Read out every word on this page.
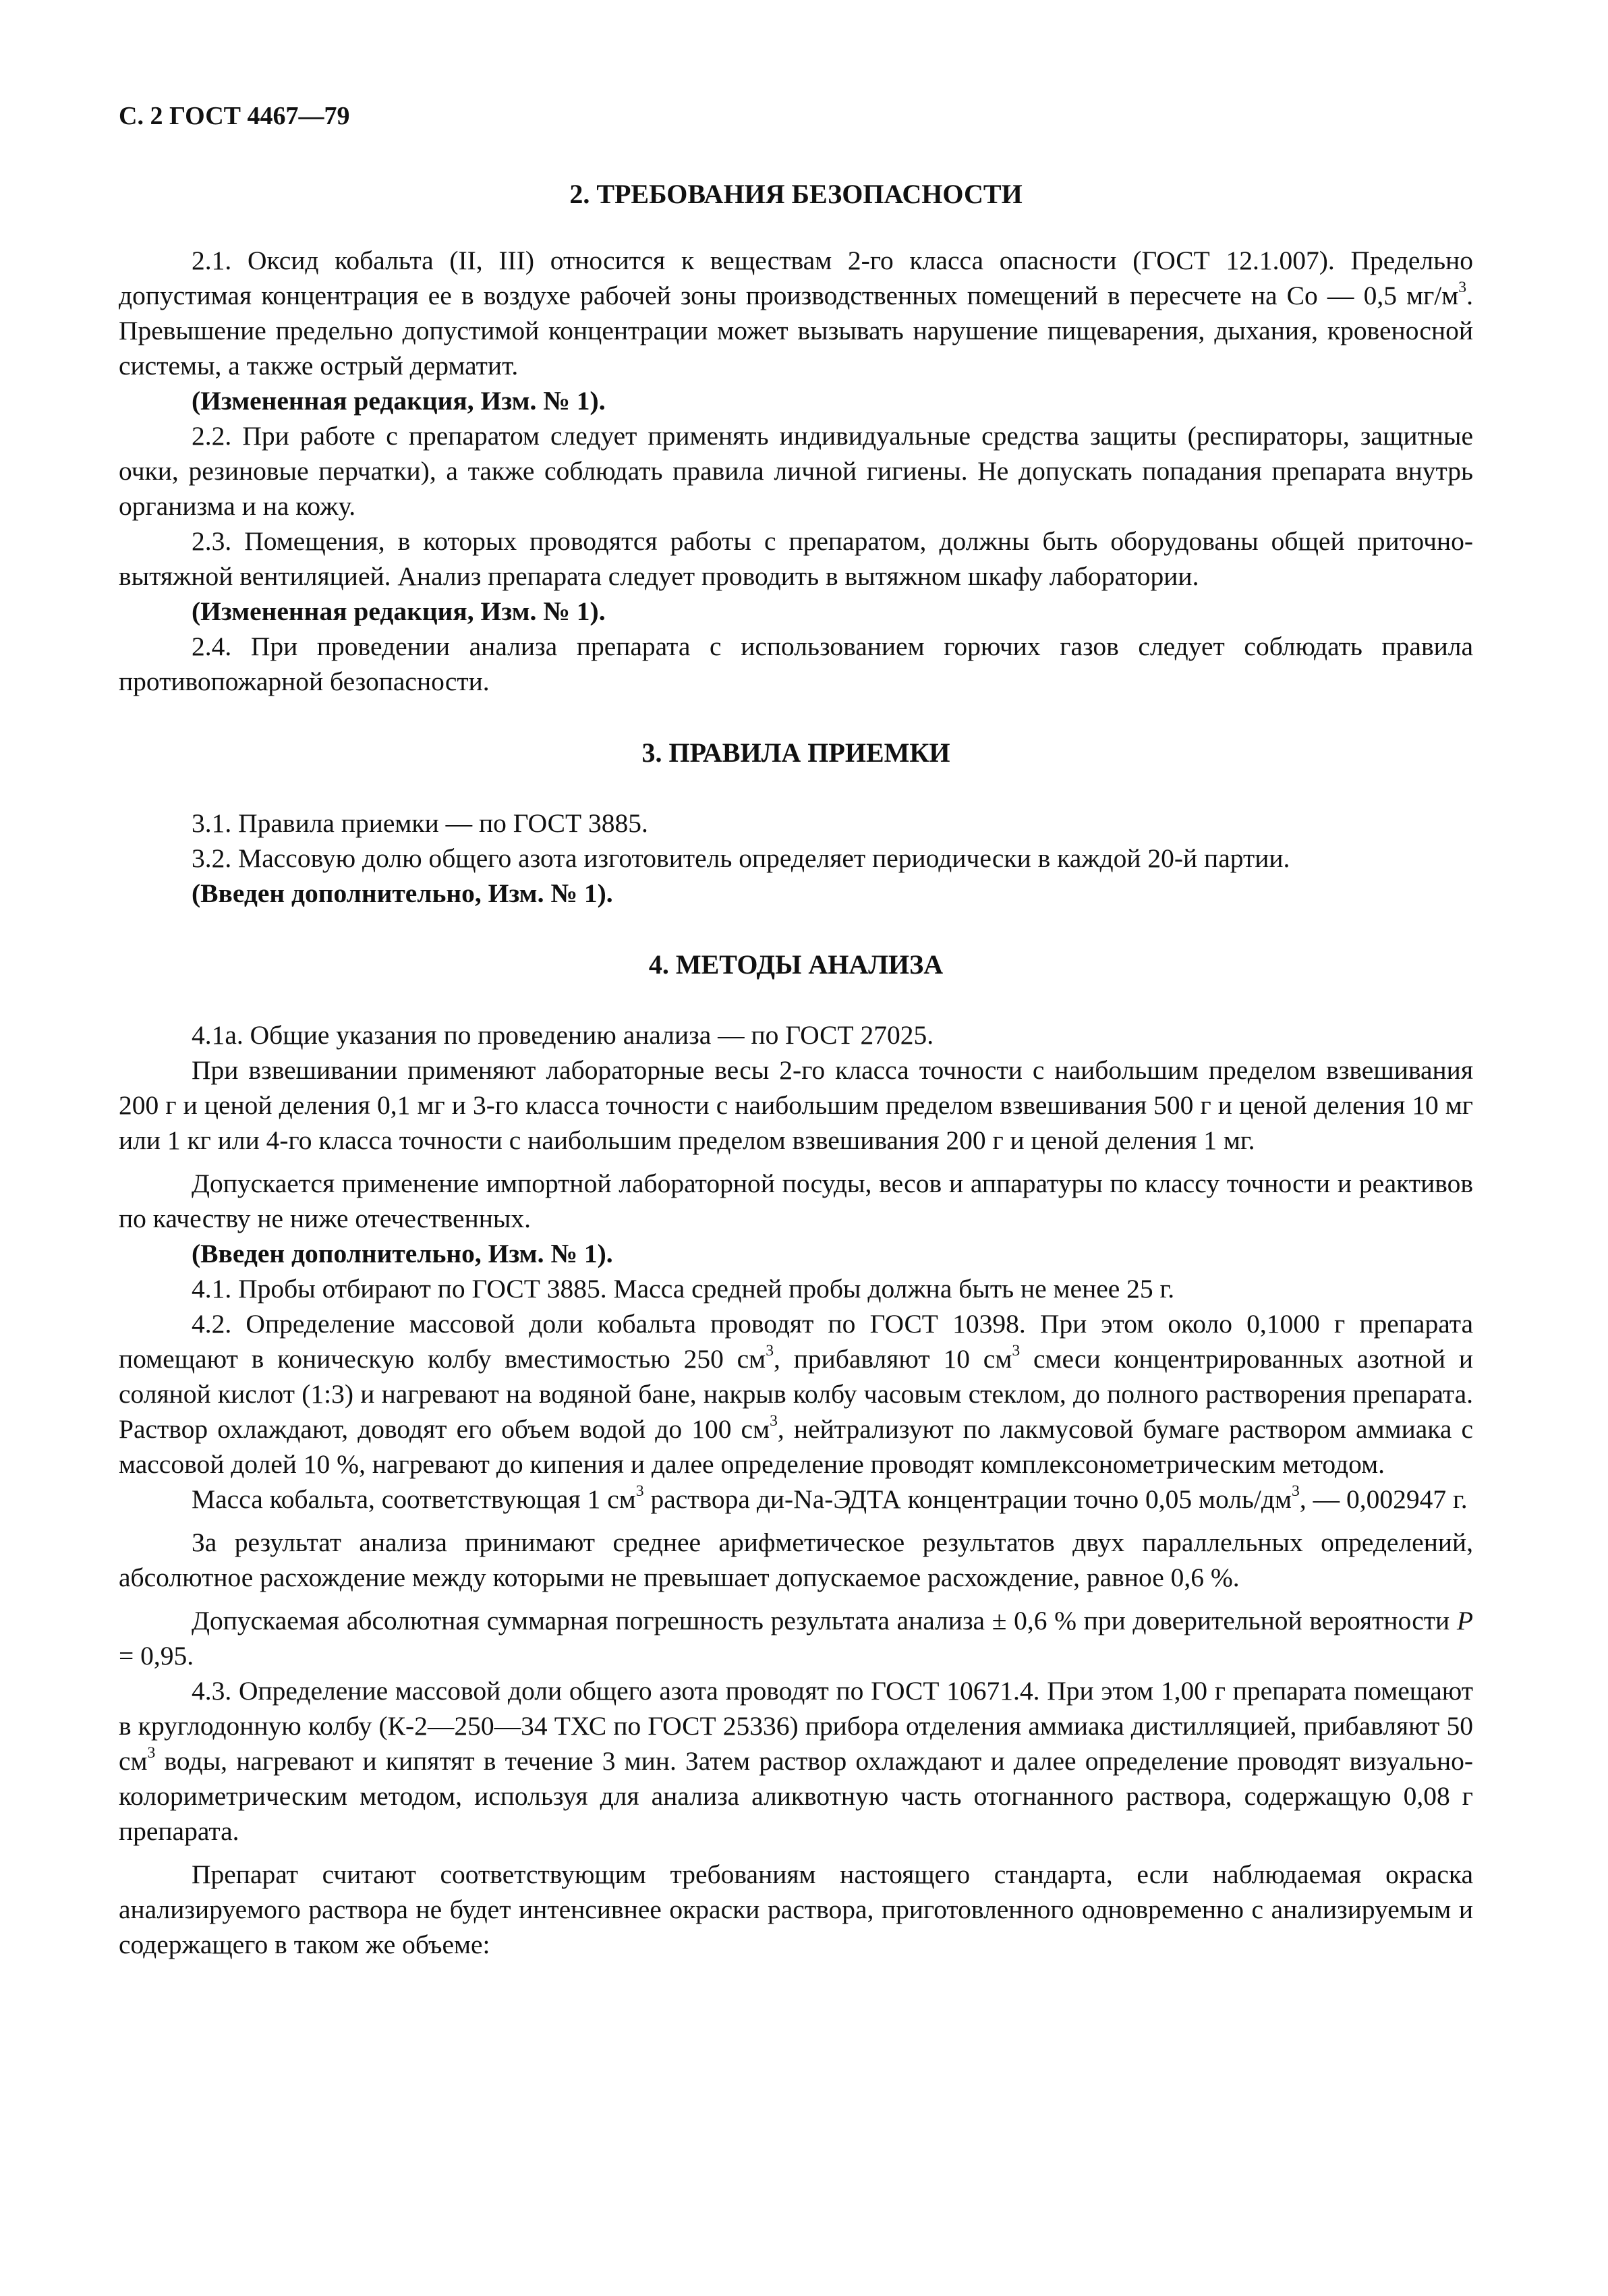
С. 2 ГОСТ 4467—79
2. ТРЕБОВАНИЯ БЕЗОПАСНОСТИ

2.1. Оксид кобальта (II, III) относится к веществам 2-го класса опасности (ГОСТ 12.1.007). Предельно допустимая концентрация ее в воздухе рабочей зоны производственных помещений в пересчете на Co — 0,5 $мг/м^3$. Превышение предельно допустимой концентрации может вызывать нарушение пищеварения, дыхания, кровеносной системы, а также острый дерматит.

(Измененная редакция, Изм. № 1).

2.2. При работе с препаратом следует применять индивидуальные средства защиты (респираторы, защитные очки, резиновые перчатки), а также соблюдать правила личной гигиены. Не допускать попадания препарата внутрь организма и на кожу.

2.3. Помещения, в которых проводятся работы с препаратом, должны быть оборудованы общей приточно-вытяжной вентиляцией. Анализ препарата следует проводить в вытяжном шкафу лаборатории.

(Измененная редакция, Изм. № 1).

2.4. При проведении анализа препарата с использованием горючих газов следует соблюдать правила противопожарной безопасности.

3. ПРАВИЛА ПРИЕМКИ

3.1. Правила приемки — по ГОСТ 3885.

3.2. Массовую долю общего азота изготовитель определяет периодически в каждой 20-й партии.

(Введен дополнительно, Изм. № 1).

4. МЕТОДЫ АНАЛИЗА

4.1а. Общие указания по проведению анализа — по ГОСТ 27025.

При взвешивании применяют лабораторные весы 2-го класса точности с наибольшим пределом взвешивания 200 г и ценой деления 0,1 мг и 3-го класса точности с наибольшим пределом взвешивания 500 г и ценой деления 10 мг или 1 кг или 4-го класса точности с наибольшим пределом взвешивания 200 г и ценой деления 1 мг.

Допускается применение импортной лабораторной посуды, весов и аппаратуры по классу точности и реактивов по качеству не ниже отечественных.

(Введен дополнительно, Изм. № 1).

4.1. Пробы отбирают по ГОСТ 3885. Масса средней пробы должна быть не менее 25 г.

4.2. Определение массовой доли кобальта проводят по ГОСТ 10398. При этом около 0,1000 г препарата помещают в коническую колбу вместимостью 250 $см^3$, прибавляют 10 $см^3$ смеси концентрированных азотной и соляной кислот (1:3) и нагревают на водяной бане, накрыв колбу часовым стеклом, до полного растворения препарата. Раствор охлаждают, доводят его объем водой до 100 $см^3$, нейтрализуют по лакмусовой бумаге раствором аммиака с массовой долей 10 %, нагревают до кипения и далее определение проводят комплексонометрическим методом.

Масса кобальта, соответствующая 1 $см^3$ раствора ди-Na-ЭДТА концентрации точно 0,05 моль/$дм^3$, — 0,002947 г.

За результат анализа принимают среднее арифметическое результатов двух параллельных определений, абсолютное расхождение между которыми не превышает допускаемое расхождение, равное 0,6 %.

Допускаемая абсолютная суммарная погрешность результата анализа ± 0,6 % при доверительной вероятности P = 0,95.

4.3. Определение массовой доли общего азота проводят по ГОСТ 10671.4. При этом 1,00 г препарата помещают в круглодонную колбу (К-2—250—34 ТХС по ГОСТ 25336) прибора отделения аммиака дистилляцией, прибавляют 50 $см^3$ воды, нагревают и кипятят в течение 3 мин. Затем раствор охлаждают и далее определение проводят визуально-колориметрическим методом, используя для анализа аликвотную часть отогнанного раствора, содержащую 0,08 г препарата.

Препарат считают соответствующим требованиям настоящего стандарта, если наблюдаемая окраска анализируемого раствора не будет интенсивнее окраски раствора, приготовленного одновременно с анализируемым и содержащего в таком же объеме:
